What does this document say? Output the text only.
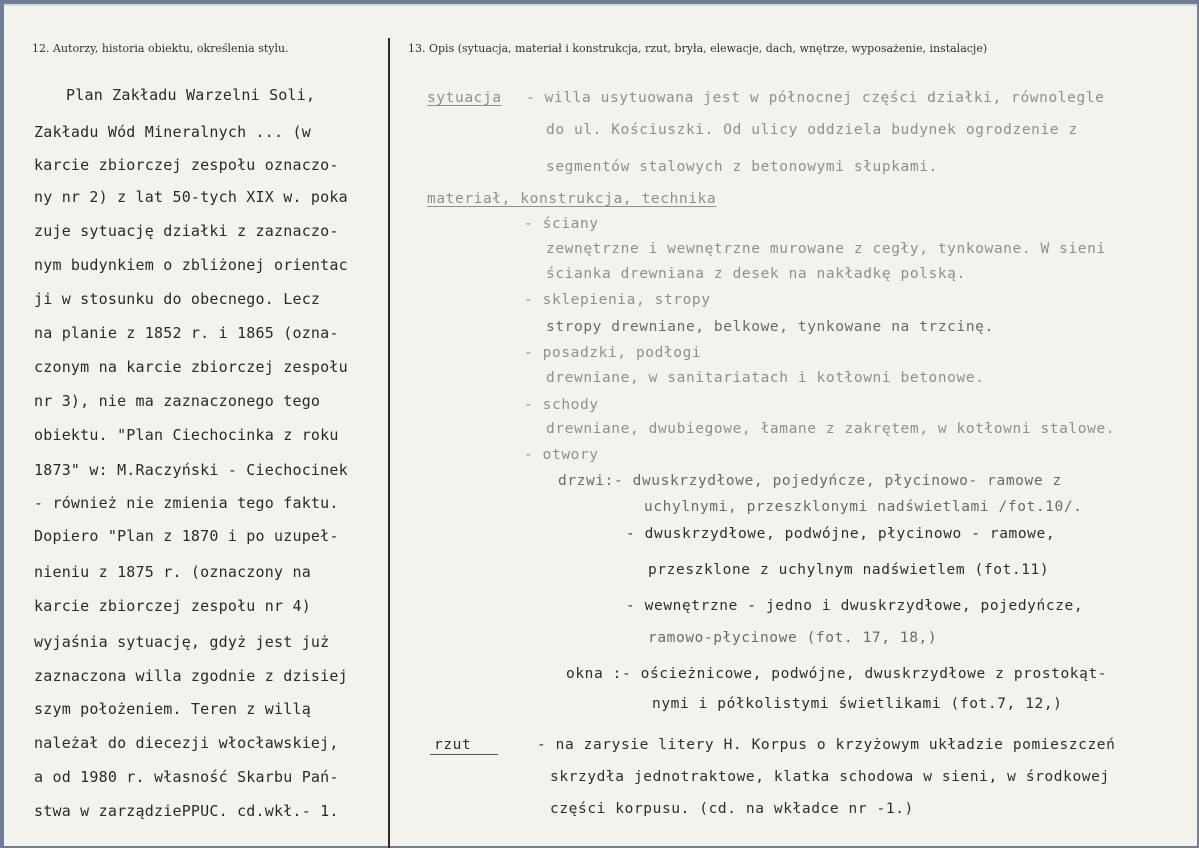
12. Autorzy, historia obiektu, określenia stylu.	13. Opis (sytuacja, materiał i konstrukcja, rzut, bryła, elewacje, dach, wnętrze, wyposażenie, instalacje)
Plan Zakładu Warzelni Soli,
Zakładu Wód Mineralnych ... (w
karcie zbiorczej zespołu oznaczo-
ny nr 2) z lat 50-tych XIX w. poka
zuje sytuację działki z zaznaczo-
nym budynkiem o zbliżonej orientac
ji w stosunku do obecnego. Lecz
na planie z 1852 r. i 1865 (ozna-
czonym na karcie zbiorczej zespołu
nr 3), nie ma zaznaczonego tego
obiektu. "Plan Ciechocinka z roku
1873" w: M.Raczyński - Ciechocinek
- również nie zmienia tego faktu.
Dopiero "Plan z 1870 i po uzupeł-
nieniu z 1875 r. (oznaczony na
karcie zbiorczej zespołu nr 4)
wyjaśnia sytuację, gdyż jest już
zaznaczona willa zgodnie z dzisiej
szym położeniem. Teren z willą
należał do diecezji włocławskiej,
a od 1980 r. własność Skarbu Pań-
stwa w zarządziePPUC. cd.wkł.- 1.
sytuacja - willa usytuowana jest w północnej części działki, równolegle
do ul. Kościuszki. Od ulicy oddziela budynek ogrodzenie z
segmentów stalowych z betonowymi słupkami.
materiał, konstrukcja, technika
- ściany
zewnętrzne i wewnętrzne murowane z cegły, tynkowane. W sieni
ścianka drewniana z desek na nakładkę polską.
- sklepienia, stropy
stropy drewniane, belkowe, tynkowane na trzcinę.
- posadzki, podłogi
drewniane, w sanitariatach i kotłowni betonowe.
- schody
drewniane, dwubiegowe, łamane z zakrętem, w kotłowni stalowe.
- otwory
drzwi:- dwuskrzydłowe, pojedyńcze, płycinowo- ramowe z
uchylnymi, przeszklonymi nadświetlami /fot.10/.
- dwuskrzydłowe, podwójne, płycinowo - ramowe,
przeszklone z uchylnym nadświetlem (fot.11)
- wewnętrzne - jedno i dwuskrzydłowe, pojedyńcze,
ramowo-płycinowe (fot. 17, 18,)
okna :- ościeżnicowe, podwójne, dwuskrzydłowe z prostokąt-
nymi i półkolistymi świetlikami (fot.7, 12,)
rzut	- na zarysie litery H. Korpus o krzyżowym układzie pomieszczeń
skrzydła jednotraktowe, klatka schodowa w sieni, w środkowej
części korpusu. (cd. na wkładce nr -1.)
